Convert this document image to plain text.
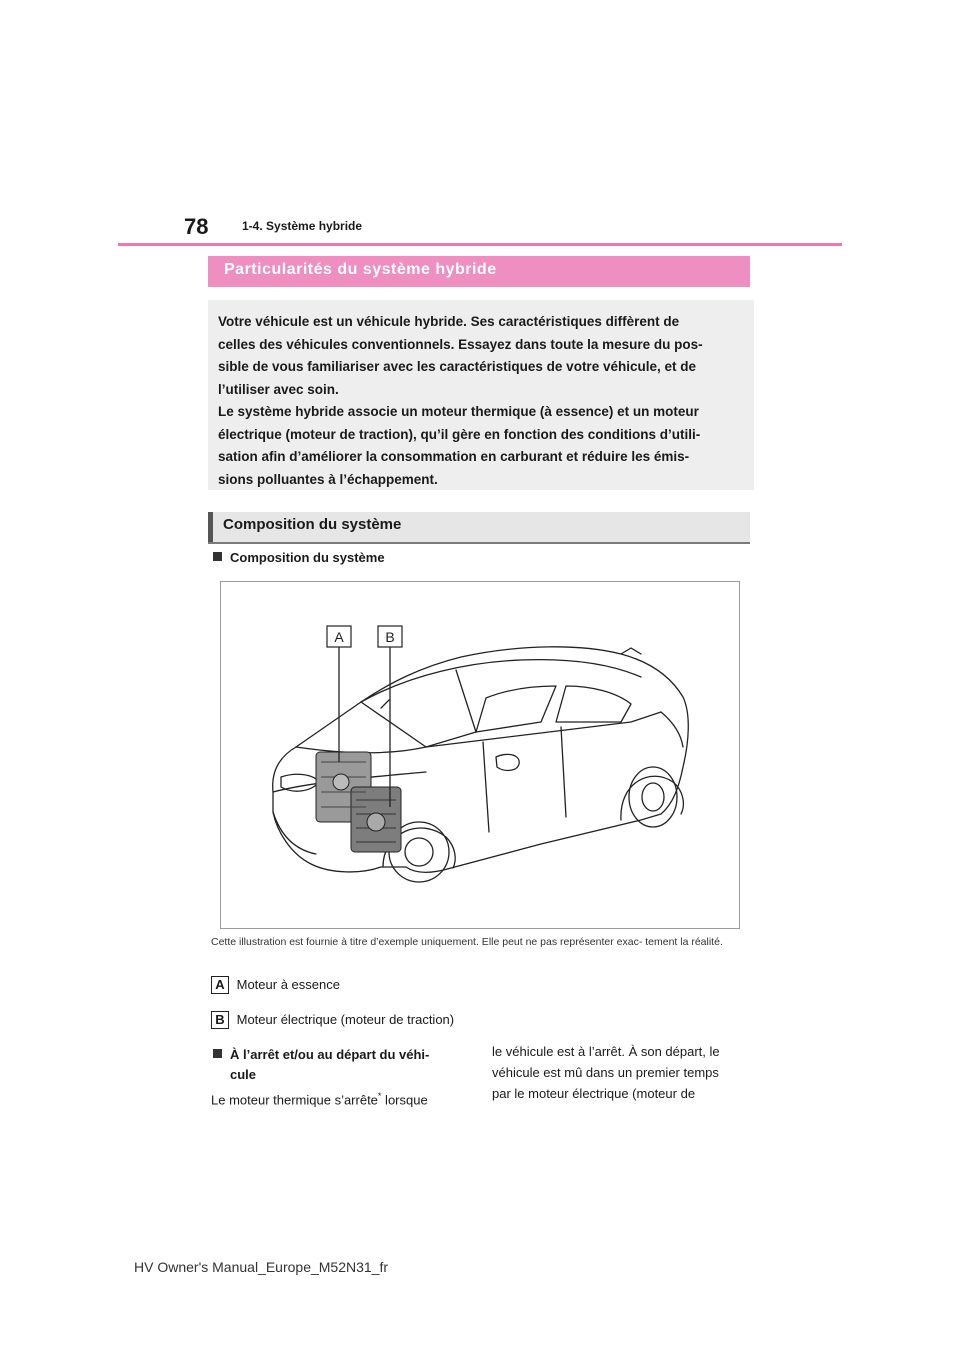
78	1-4. Système hybride
Particularités du système hybride

Votre véhicule est un véhicule hybride. Ses caractéristiques diffèrent de

celles des véhicules conventionnels. Essayez dans toute la mesure du pos-

sible de vous familiariser avec les caractéristiques de votre véhicule, et de

l’utiliser avec soin.

Le système hybride associe un moteur thermique (à essence) et un moteur

électrique (moteur de traction), qu’il gère en fonction des conditions d’utili-

sation afin d’améliorer la consommation en carburant et réduire les émis-

sions polluantes à l’échappement.

Composition du système
Composition du système
A	B
Cette illustration est fournie à titre d’exemple uniquement. Elle peut ne pas représenter exac- tement la réalité.
A Moteur à essence
B Moteur électrique (moteur de traction)
À l’arrêt et/ou au départ du véhi-
cule
Le moteur thermique s’arrête* lorsque
le véhicule est à l’arrêt. À son départ, le
véhicule est mû dans un premier temps
par le moteur électrique (moteur de
HV Owner's Manual_Europe_M52N31_fr
